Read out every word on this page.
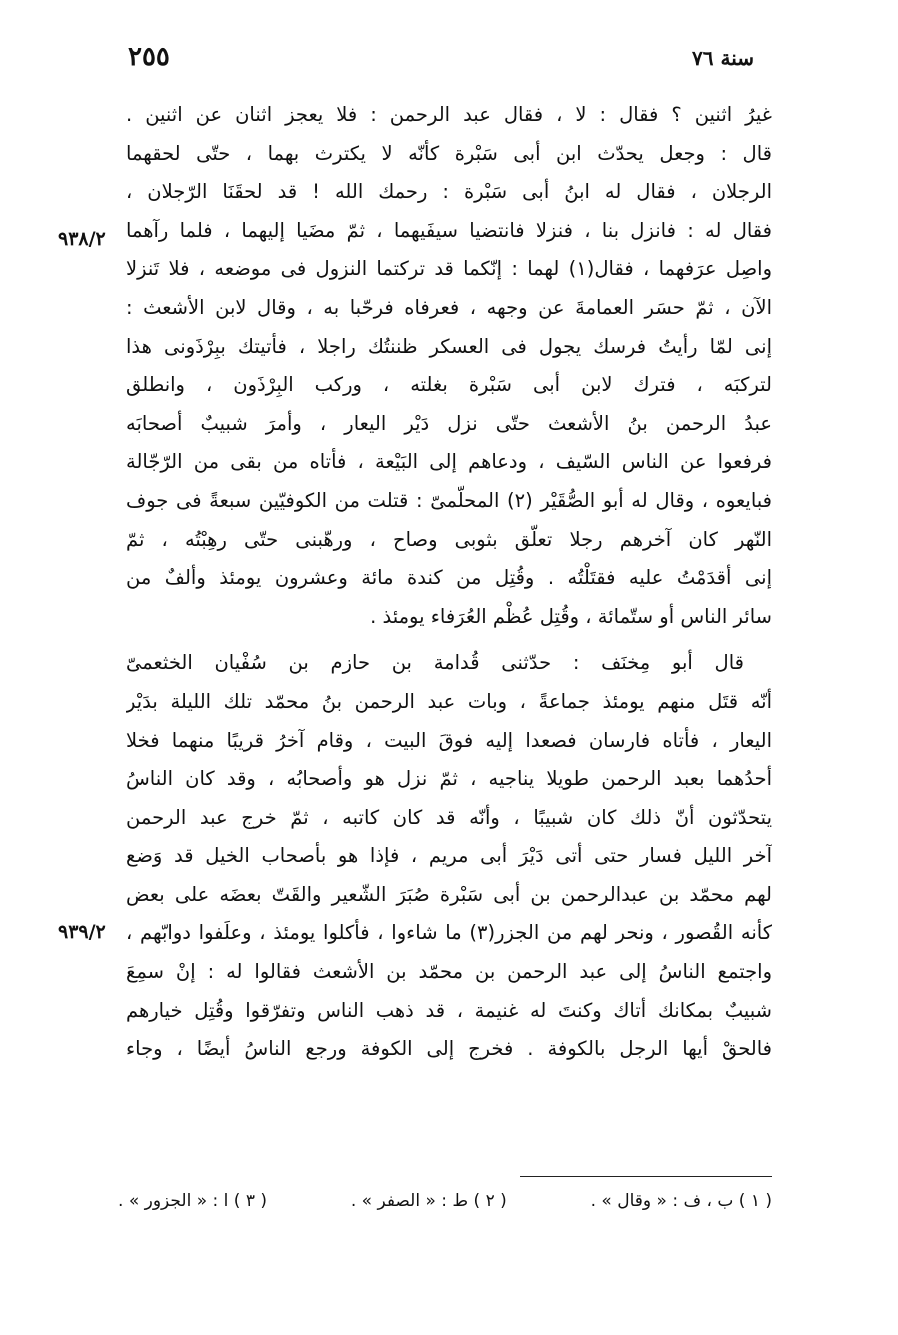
٢٥٥	سنة ٧٦
غيرُ اثنين ؟ فقال : لا ، فقال عبد الرحمن : فلا يعجز اثنان عن اثنين .
قال : وجعل يحدّث ابن أبى سَبْرة كأنّه لا يكترث بهما ، حتّى لحقهما
الرجلان ، فقال له ابنُ أبى سَبْرة : رحمك الله ! قد لحقَنَا الرّجلان ،
فقال له : فانزل بنا ، فنزلا فانتضيا سيفَيهما ، ثمّ مضَيا إليهما ، فلما رآهما
واصِل عرَفهما ، فقال(١) لهما : إنّكما قد تركتما النزول فى موضعه ، فلا تَنزلا
الآن ، ثمّ حسَر العمامةَ عن وجهه ، فعرفاه فرحّبا به ، وقال لابن الأشعث :
إنى لمّا رأيتُ فرسك يجول فى العسكر ظننتُك راجلا ، فأتيتك ببِرْذَونى هذا
لتركبَه ، فترك لابن أبى سَبْرة بغلته ، وركب البِرْذَون ، وانطلق
عبدُ الرحمن بنُ الأشعث حتّى نزل دَيْر اليعار ، وأمرَ شبيبٌ أصحابَه
فرفعوا عن الناس السّيف ، ودعاهم إلى البَيْعة ، فأتاه من بقى من الرّجّالة
فبايعوه ، وقال له أبو الصُّقَيْر (٢) المحلّمىّ : قتلت من الكوفيّين سبعةً فى جوف
النّهر كان آخرهم رجلا تعلّق بثوبى وصاح ، ورهّبنى حتّى رهِبْتُه ، ثمّ
إنى أقدَمْتُ عليه فقتَلْتُه . وقُتِل من كندة مائة وعشرون يومئذ وألفٌ من
سائر الناس أو ستّمائة ، وقُتِل عُظْم العُرَفاء يومئذ .
قال أبو مِخنَف : حدّثنى قُدامة بن حازم بن سُفْيان الخثعمىّ
أنّه قتَل منهم يومئذ جماعةً ، وبات عبد الرحمن بنُ محمّد تلك الليلة بدَيْر
اليعار ، فأتاه فارسان فصعدا إليه فوقَ البيت ، وقام آخرُ قريبًا منهما فخلا
أحدُهما بعبد الرحمن طويلا يناجيه ، ثمّ نزل هو وأصحابُه ، وقد كان الناسُ
يتحدّثون أنّ ذلك كان شبيبًا ، وأنّه قد كان كاتبه ، ثمّ خرج عبد الرحمن
آخر الليل فسار حتى أتى دَيْرَ أبى مريم ، فإذا هو بأصحاب الخيل قد وَضع
لهم محمّد بن عبدالرحمن بن أبى سَبْرة صُبَرَ الشّعير والقَتّ بعضَه على بعض
كأنه القُصور ، ونحر لهم من الجزر(٣) ما شاءوا ، فأكلوا يومئذ ، وعلَفوا دوابّهم ،
واجتمع الناسُ إلى عبد الرحمن بن محمّد بن الأشعث فقالوا له : إنْ سمِعَ
شبيبٌ بمكانك أتاك وكنتَ له غنيمة ، قد ذهب الناس وتفرّقوا وقُتِل خيارهم
فالحقْ أيها الرجل بالكوفة . فخرج إلى الكوفة ورجع الناسُ أيضًا ، وجاء
٩٣٨/٢
٩٣٩/٢
( ١ ) ب ، ف : « وقال » .
( ٢ ) ط : « الصفر » .
( ٣ ) ا : « الجزور » .
